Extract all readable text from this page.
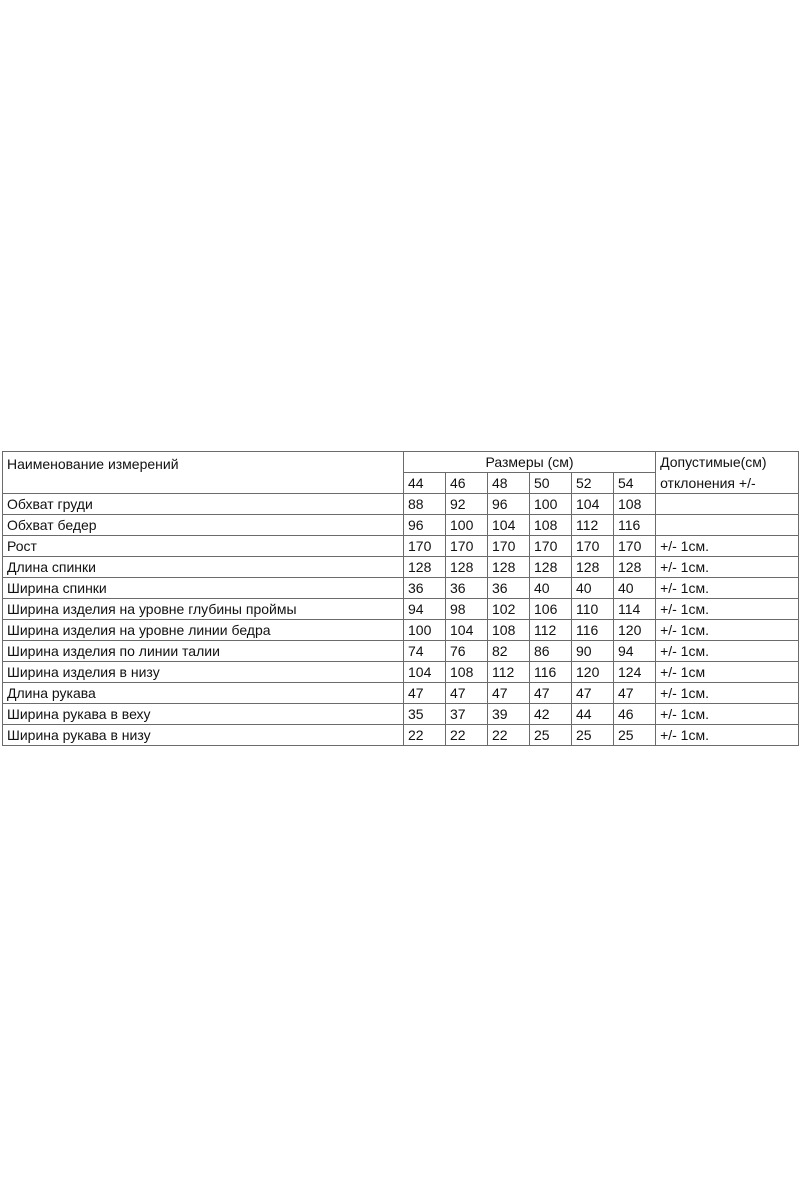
Наименование измерений	Размеры (см)						Допустимые(см)
	44	46	48	50	52	54	отклонения +/-
Обхват груди	88	92	96	100	104	108	
Обхват бедер	96	100	104	108	112	116	
Рост	170	170	170	170	170	170	+/- 1см.
Длина спинки	128	128	128	128	128	128	+/- 1см.
Ширина спинки	36	36	36	40	40	40	+/- 1см.
Ширина изделия на уровне глубины проймы	94	98	102	106	110	114	+/- 1см.
Ширина изделия на уровне линии бедра	100	104	108	112	116	120	+/- 1см.
Ширина изделия по линии талии	74	76	82	86	90	94	+/- 1см.
Ширина изделия в низу	104	108	112	116	120	124	+/- 1см
Длина рукава	47	47	47	47	47	47	+/- 1см.
Ширина рукава в веху	35	37	39	42	44	46	+/- 1см.
Ширина рукава в низу	22	22	22	25	25	25	+/- 1см.
